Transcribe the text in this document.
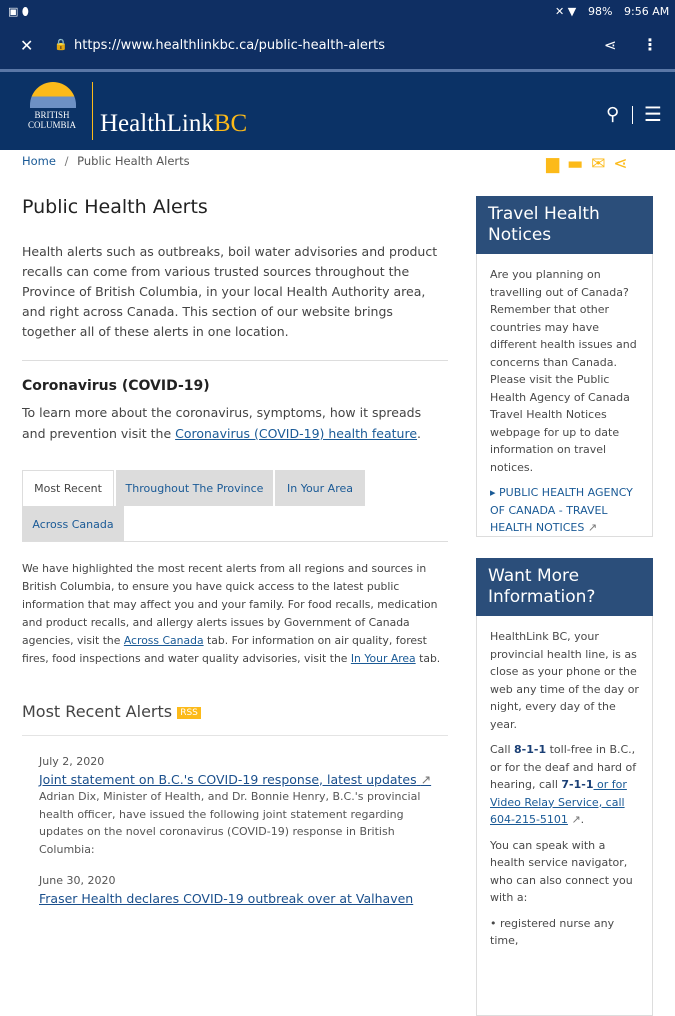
▣ ⬮	✕ ▼ 98% 9:56 AM
✕ 🔒 https://www.healthlinkbc.ca/public-health-alerts	⋖ ⋮
BRITISH
COLUMBIA HealthLinkBC	⚲ ☰
Home / Public Health Alerts	▆▬✉⋖
Public Health Alerts

Health alerts such as outbreaks, boil water advisories and product recalls can come from various trusted sources throughout the Province of British Columbia, in your local Health Authority area, and right across Canada. This section of our website brings together all of these alerts in one location.

Coronavirus (COVID-19)

To learn more about the coronavirus, symptoms, how it spreads and prevention visit the Coronavirus (COVID-19) health feature.

Most Recent	Throughout The Province	In Your Area
Across Canada

We have highlighted the most recent alerts from all regions and sources in British Columbia, to ensure you have quick access to the latest public information that may affect you and your family. For food recalls, medication and product recalls, and allergy alerts issues by Government of Canada agencies, visit the Across Canada tab. For information on air quality, forest fires, food inspections and water quality advisories, visit the In Your Area tab.

Most Recent Alerts RSS
July 2, 2020
Joint statement on B.C.'s COVID-19 response, latest updates ↗
Adrian Dix, Minister of Health, and Dr. Bonnie Henry, B.C.'s provincial health officer, have issued the following joint statement regarding updates on the novel coronavirus (COVID-19) response in British Columbia:
June 30, 2020
Fraser Health declares COVID-19 outbreak over at Valhaven
Travel Health Notices

Are you planning on travelling out of Canada? Remember that other countries may have different health issues and concerns than Canada. Please visit the Public Health Agency of Canada Travel Health Notices webpage for up to date information on travel notices.

▸ PUBLIC HEALTH AGENCY OF CANADA - TRAVEL HEALTH NOTICES ↗

Want More Information?

HealthLink BC, your provincial health line, is as close as your phone or the web any time of the day or night, every day of the year.

Call 8-1-1 toll-free in B.C., or for the deaf and hard of hearing, call 7-1-1 or for Video Relay Service, call 604-215-5101 ↗.

You can speak with a health service navigator, who can also connect you with a:

• registered nurse any time,
